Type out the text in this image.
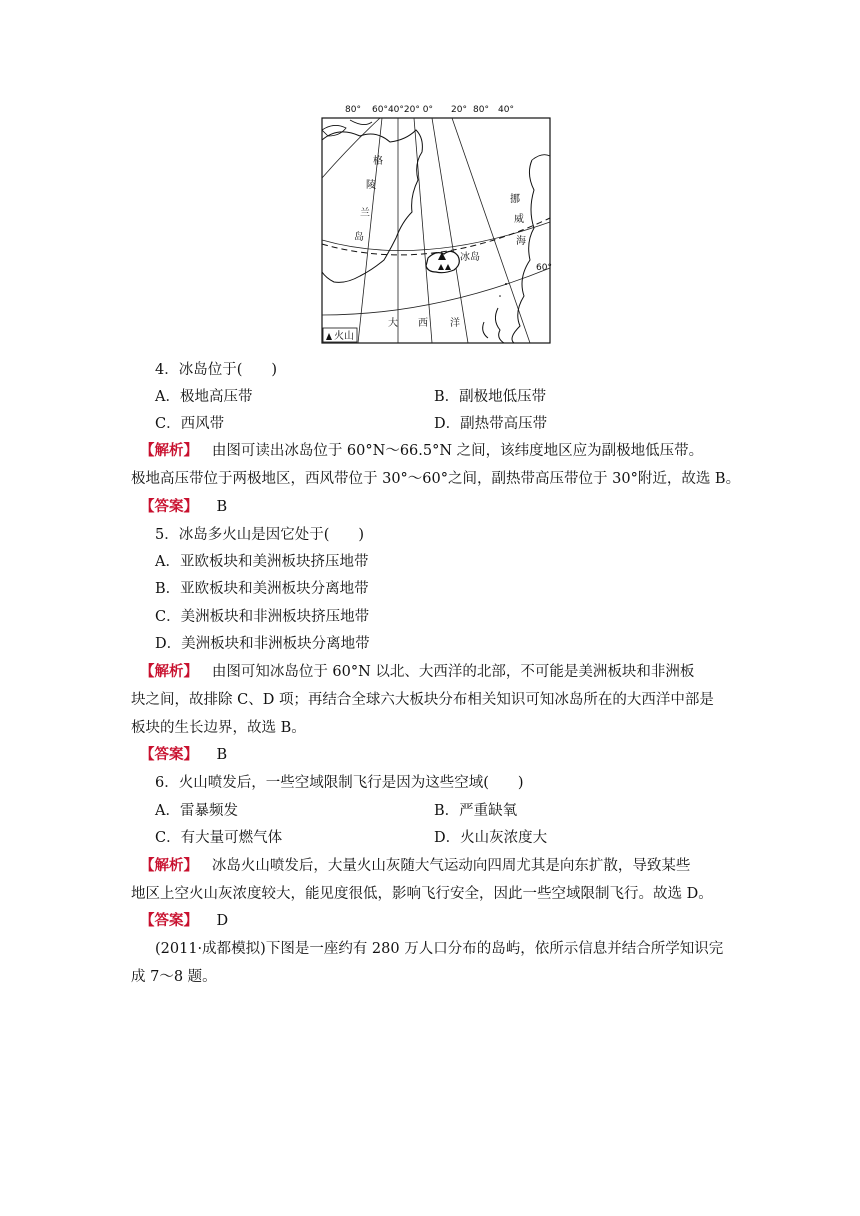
80° 60°40°20° 0° 20° 80° 40°
格
陵
兰
岛
挪
威
海
冰岛
60°
大 西 洋
火山
4．冰岛位于(　　)
A．极地高压带	B．副极地低压带
C．西风带	D．副热带高压带
【解析】 由图可读出冰岛位于 60°N～66.5°N 之间，该纬度地区应为副极地低压带。
极地高压带位于两极地区，西风带位于 30°～60°之间，副热带高压带位于 30°附近，故选 B。
【答案】 B
5．冰岛多火山是因它处于(　　)
A．亚欧板块和美洲板块挤压地带
B．亚欧板块和美洲板块分离地带
C．美洲板块和非洲板块挤压地带
D．美洲板块和非洲板块分离地带
【解析】 由图可知冰岛位于 60°N 以北、大西洋的北部，不可能是美洲板块和非洲板
块之间，故排除 C、D 项；再结合全球六大板块分布相关知识可知冰岛所在的大西洋中部是
板块的生长边界，故选 B。
【答案】 B
6．火山喷发后，一些空域限制飞行是因为这些空域(　　)
A．雷暴频发	B．严重缺氧
C．有大量可燃气体	D．火山灰浓度大
【解析】 冰岛火山喷发后，大量火山灰随大气运动向四周尤其是向东扩散，导致某些
地区上空火山灰浓度较大，能见度很低，影响飞行安全，因此一些空域限制飞行。故选 D。
【答案】 D
(2011·成都模拟)下图是一座约有 280 万人口分布的岛屿，依所示信息并结合所学知识完
成 7～8 题。
